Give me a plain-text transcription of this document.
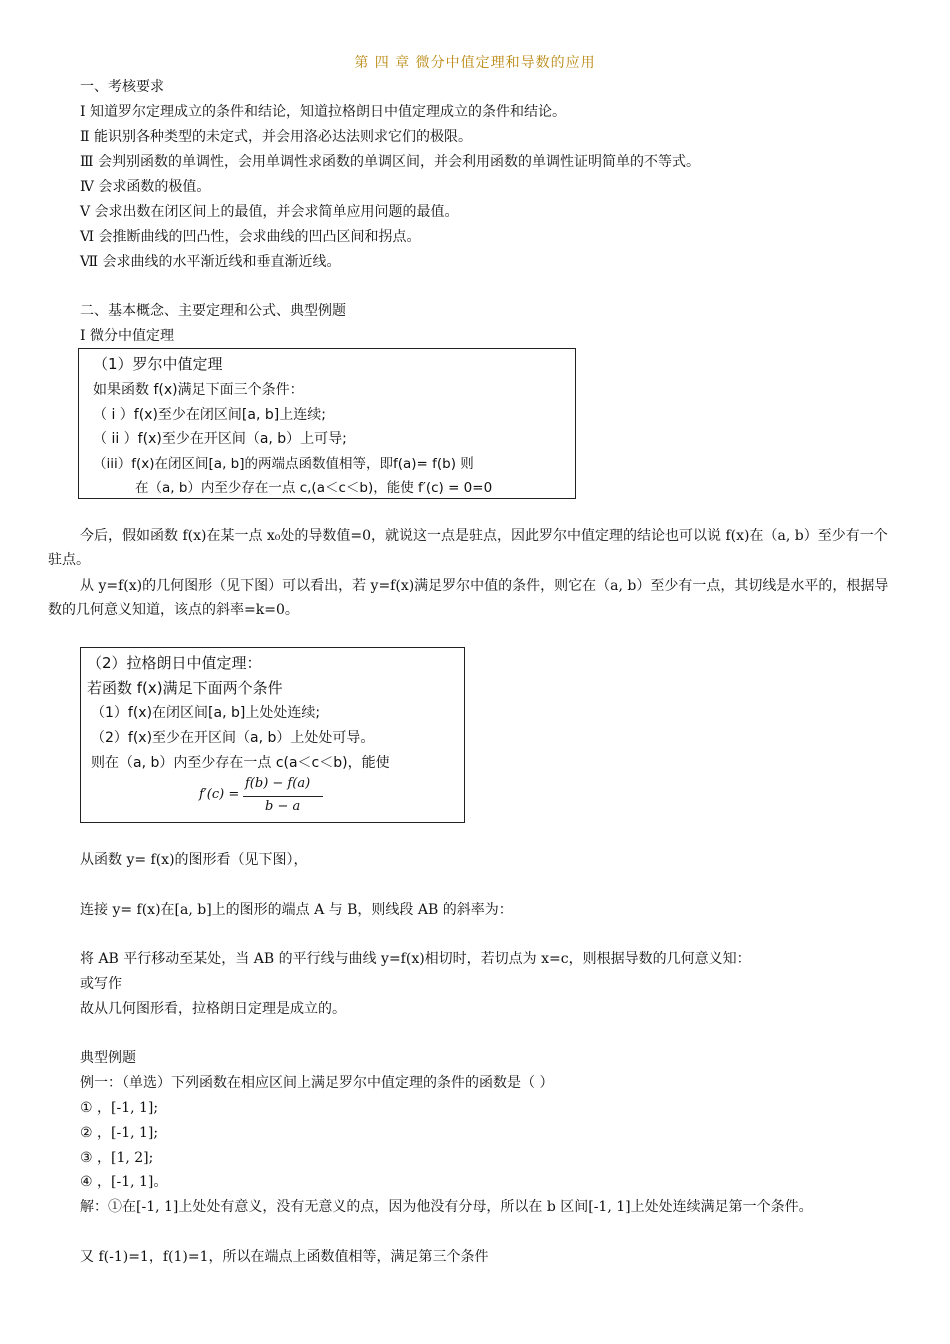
第 四 章 微分中值定理和导数的应用
一、考核要求
Ⅰ 知道罗尔定理成立的条件和结论，知道拉格朗日中值定理成立的条件和结论。
Ⅱ 能识别各种类型的未定式，并会用洛必达法则求它们的极限。
Ⅲ 会判别函数的单调性，会用单调性求函数的单调区间，并会利用函数的单调性证明简单的不等式。
Ⅳ 会求函数的极值。
Ⅴ 会求出数在闭区间上的最值，并会求简单应用问题的最值。
Ⅵ 会推断曲线的凹凸性，会求曲线的凹凸区间和拐点。
Ⅶ 会求曲线的水平渐近线和垂直渐近线。
二、基本概念、主要定理和公式、典型例题
Ⅰ 微分中值定理
（1）罗尔中值定理
如果函数 f(x)满足下面三个条件：
（ i ）f(x)至少在闭区间[a, b]上连续;
（ ii ）f(x)至少在开区间（a, b）上可导;
（iii）f(x)在闭区间[a, b]的两端点函数值相等，即f(a)= f(b) 则
在（a, b）内至少存在一点 c,(a＜c＜b)，能使 f′(c) = 0=0
今后，假如函数 f(x)在某一点 x₀处的导数值=0，就说这一点是驻点，因此罗尔中值定理的结论也可以说 f(x)在（a, b）至少有一个驻点。
从 y=f(x)的几何图形（见下图）可以看出，若 y=f(x)满足罗尔中值的条件，则它在（a, b）至少有一点，其切线是水平的，根据导数的几何意义知道，该点的斜率=k=0。
（2）拉格朗日中值定理：
若函数 f(x)满足下面两个条件
（1）f(x)在闭区间[a, b]上处处连续;
（2）f(x)至少在开区间（a, b）上处处可导。
则在（a, b）内至少存在一点 c(a＜c＜b)，能使
f′(c) =
f(b) − f(a)
b − a
从函数 y= f(x)的图形看（见下图），
连接 y= f(x)在[a, b]上的图形的端点 A 与 B，则线段 AB 的斜率为：
将 AB 平行移动至某处，当 AB 的平行线与曲线 y=f(x)相切时，若切点为 x=c，则根据导数的几何意义知：
或写作
故从几何图形看，拉格朗日定理是成立的。
典型例题
例一：（单选）下列函数在相应区间上满足罗尔中值定理的条件的函数是（ ）
① ，[-1, 1];
② ，[-1, 1];
③ ，[1, 2];
④ ，[-1, 1]。
解：①在[-1, 1]上处处有意义，没有无意义的点，因为他没有分母，所以在 b 区间[-1, 1]上处处连续满足第一个条件。
又 f(-1)=1，f(1)=1，所以在端点上函数值相等，满足第三个条件
